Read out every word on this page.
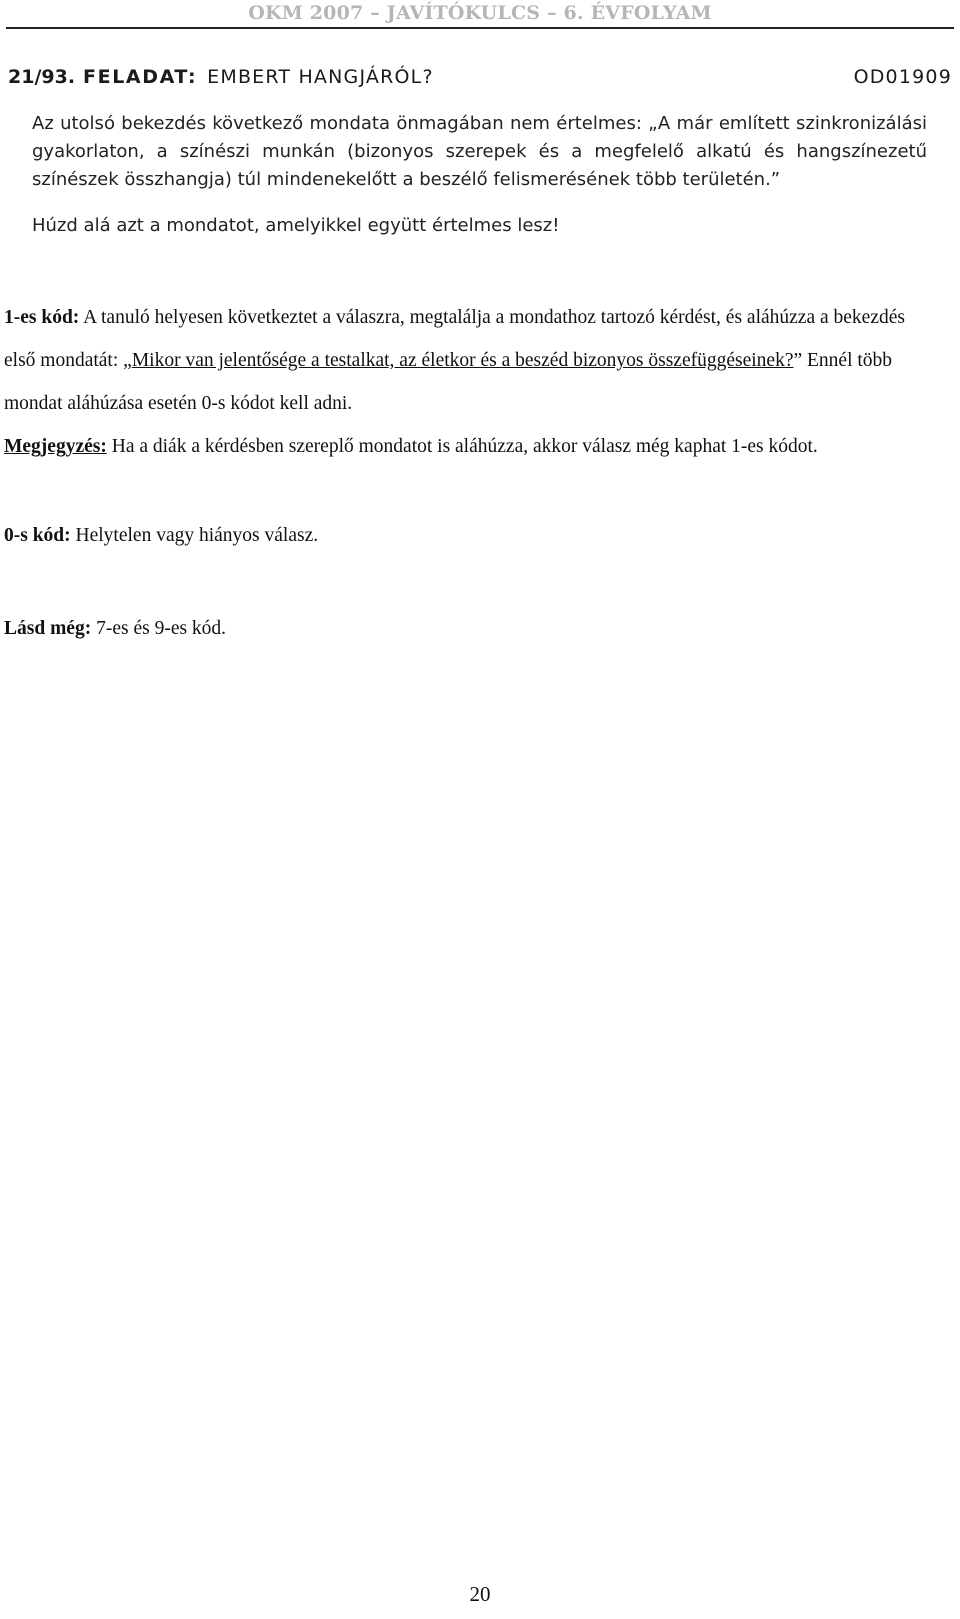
OKM 2007 – JAVÍTÓKULCS – 6. ÉVFOLYAM
21/93. FELADAT: EMBERT HANGJÁRÓL?	OD01909

Az utolsó bekezdés következő mondata önmagában nem értelmes: „A már említett szinkronizálási gyakorlaton, a színészi munkán (bizonyos szerepek és a megfelelő alkatú és hangszínezetű színészek összhangja) túl mindenekelőtt a beszélő felismerésének több területén.”

Húzd alá azt a mondatot, amelyikkel együtt értelmes lesz!

1-es kód: A tanuló helyesen következtet a válaszra, megtalálja a mondathoz tartozó kérdést, és aláhúzza a bekezdés első mondatát: „Mikor van jelentősége a testalkat, az életkor és a beszéd bizonyos összefüggéseinek?” Ennél több mondat aláhúzása esetén 0-s kódot kell adni.

Megjegyzés: Ha a diák a kérdésben szereplő mondatot is aláhúzza, akkor válasz még kaphat 1-es kódot.

0-s kód: Helytelen vagy hiányos válasz.

Lásd még: 7-es és 9-es kód.

20
